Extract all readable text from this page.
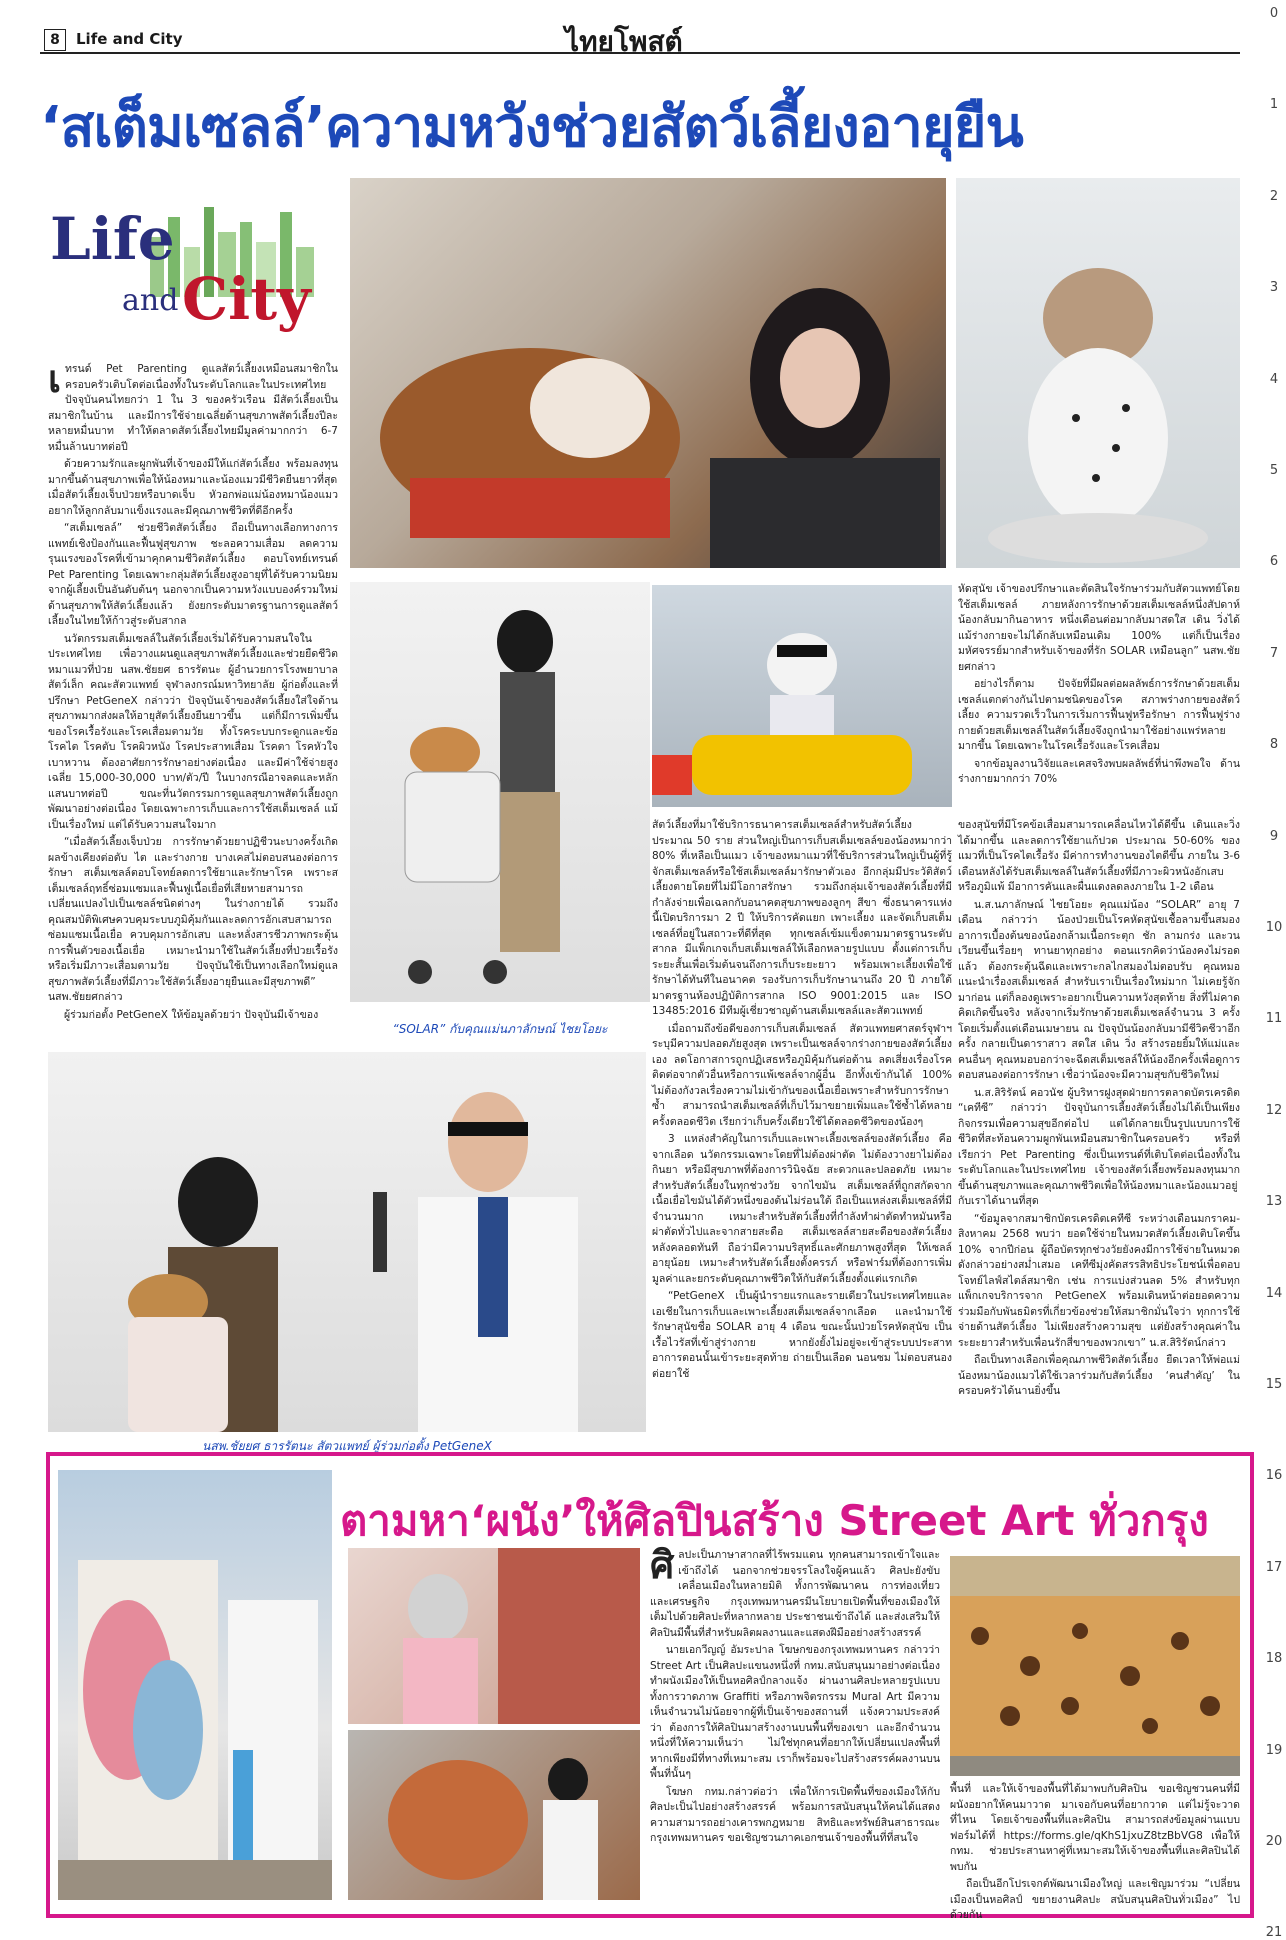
8	Life and City	ไทยโพสต์
0
1
2
3
4
5
6
7
8
9
10
11
12
13
14
15
16
17
18
19
20
21
‘สเต็มเซลล์’ความหวังช่วยสัตว์เลี้ยงอายุยืน
Life
and City
“SOLAR” กับคุณแม่นภาลักษณ์ ไชยโอยะ
นสพ.ชัยยศ ธารรัตนะ สัตวแพทย์ ผู้ร่วมก่อตั้ง PetGeneX

เทรนด์ Pet Parenting ดูแลสัตว์เลี้ยงเหมือนสมาชิกในครอบครัวเติบโตต่อเนื่องทั้งในระดับโลกและในประเทศไทย ปัจจุบันคนไทยกว่า 1 ใน 3 ของครัวเรือน มีสัตว์เลี้ยงเป็นสมาชิกในบ้าน และมีการใช้จ่ายเฉลี่ยด้านสุขภาพสัตว์เลี้ยงปีละหลายหมื่นบาท ทำให้ตลาดสัตว์เลี้ยงไทยมีมูลค่ามากกว่า 6-7 หมื่นล้านบาทต่อปี

ด้วยความรักและผูกพันที่เจ้าของมีให้แก่สัตว์เลี้ยง พร้อมลงทุนมากขึ้นด้านสุขภาพเพื่อให้น้องหมาและน้องแมวมีชีวิตยืนยาวที่สุด เมื่อสัตว์เลี้ยงเจ็บป่วยหรือบาดเจ็บ หัวอกพ่อแม่น้องหมาน้องแมวอยากให้ลูกกลับมาแข็งแรงและมีคุณภาพชีวิตที่ดีอีกครั้ง

“สเต็มเซลล์” ช่วยชีวิตสัตว์เลี้ยง ถือเป็นทางเลือกทางการแพทย์เชิงป้องกันและฟื้นฟูสุขภาพ ชะลอความเสื่อม ลดความรุนแรงของโรคที่เข้ามาคุกคามชีวิตสัตว์เลี้ยง ตอบโจทย์เทรนด์ Pet Parenting โดยเฉพาะกลุ่มสัตว์เลี้ยงสูงอายุที่ได้รับความนิยมจากผู้เลี้ยงเป็นอันดับต้นๆ นอกจากเป็นความหวังแบบองค์รวมใหม่ด้านสุขภาพให้สัตว์เลี้ยงแล้ว ยังยกระดับมาตรฐานการดูแลสัตว์เลี้ยงในไทยให้ก้าวสู่ระดับสากล

นวัตกรรมสเต็มเซลล์ในสัตว์เลี้ยงเริ่มได้รับความสนใจในประเทศไทย เพื่อวางแผนดูแลสุขภาพสัตว์เลี้ยงและช่วยยืดชีวิตหมาแมวที่ป่วย นสพ.ชัยยศ ธารรัตนะ ผู้อำนวยการโรงพยาบาลสัตว์เล็ก คณะสัตวแพทย์ จุฬาลงกรณ์มหาวิทยาลัย ผู้ก่อตั้งและที่ปรึกษา PetGeneX กล่าวว่า ปัจจุบันเจ้าของสัตว์เลี้ยงใส่ใจด้านสุขภาพมากส่งผลให้อายุสัตว์เลี้ยงยืนยาวขึ้น แต่ก็มีการเพิ่มขึ้นของโรคเรื้อรังและโรคเสื่อมตามวัย ทั้งโรคระบบกระดูกและข้อ โรคไต โรคตับ โรคผิวหนัง โรคประสาทเสื่อม โรคตา โรคหัวใจ เบาหวาน ต้องอาศัยการรักษาอย่างต่อเนื่อง และมีค่าใช้จ่ายสูง เฉลี่ย 15,000-30,000 บาท/ตัว/ปี ในบางกรณีอาจลดและหลักแสนบาทต่อปี ขณะที่นวัตกรรมการดูแลสุขภาพสัตว์เลี้ยงถูกพัฒนาอย่างต่อเนื่อง โดยเฉพาะการเก็บและการใช้สเต็มเซลล์ แม้เป็นเรื่องใหม่ แต่ได้รับความสนใจมาก

“เมื่อสัตว์เลี้ยงเจ็บป่วย การรักษาด้วยยาปฏิชีวนะบางครั้งเกิดผลข้างเคียงต่อตับ ไต และร่างกาย บางเคสไม่ตอบสนองต่อการรักษา สเต็มเซลล์ตอบโจทย์ลดการใช้ยาและรักษาโรค เพราะสเต็มเซลล์ฤทธิ์ซ่อมแซมและฟื้นฟูเนื้อเยื่อที่เสียหายสามารถเปลี่ยนแปลงไปเป็นเซลล์ชนิดต่างๆ ในร่างกายได้ รวมถึงคุณสมบัติพิเศษควบคุมระบบภูมิคุ้มกันและลดการอักเสบสามารถซ่อมแซมเนื้อเยื่อ ควบคุมการอักเสบ และหลั่งสารชีวภาพกระตุ้นการฟื้นตัวของเนื้อเยื่อ เหมาะนำมาใช้ในสัตว์เลี้ยงที่ป่วยเรื้อรังหรือเริ่มมีภาวะเสื่อมตามวัย ปัจจุบันใช้เป็นทางเลือกใหม่ดูแลสุขภาพสัตว์เลี้ยงที่มีภาวะใช้สัตว์เลี้ยงอายุยืนและมีสุขภาพดี” นสพ.ชัยยศกล่าว

ผู้ร่วมก่อตั้ง PetGeneX ให้ข้อมูลด้วยว่า ปัจจุบันมีเจ้าของ

สัตว์เลี้ยงที่มาใช้บริการธนาคารสเต็มเซลล์สำหรับสัตว์เลี้ยงประมาณ 50 ราย ส่วนใหญ่เป็นการเก็บสเต็มเซลล์ของน้องหมากว่า 80% ที่เหลือเป็นแมว เจ้าของหมาแมวที่ใช้บริการส่วนใหญ่เป็นผู้ที่รู้จักสเต็มเซลล์หรือใช้สเต็มเซลล์มารักษาตัวเอง อีกกลุ่มมีประวัติสัตว์เลี้ยงตายโดยที่ไม่มีโอกาสรักษา รวมถึงกลุ่มเจ้าของสัตว์เลี้ยงที่มีกำลังจ่ายเพื่อเฉลกกับอนาคตสุขภาพของลูกๆ สีขา ซึ่งธนาคารแห่งนี้เปิดบริการมา 2 ปี ให้บริการคัดแยก เพาะเลี้ยง และจัดเก็บสเต็มเซลล์ที่อยู่ในสถาวะที่ดีที่สุด ทุกเซลล์เข้มแข็งตามมาตรฐานระดับสากล มีแพ็กเกจเก็บสเต็มเซลล์ให้เลือกหลายรูปแบบ ตั้งแต่การเก็บระยะสั้นเพื่อเริ่มต้นจนถึงการเก็บระยะยาว พร้อมเพาะเลี้ยงเพื่อใช้รักษาได้ทันทีในอนาคต รองรับการเก็บรักษานานถึง 20 ปี ภายใต้มาตรฐานห้องปฏิบัติการสากล ISO 9001:2015 และ ISO 13485:2016 มีทีมผู้เชี่ยวชาญด้านสเต็มเซลล์และสัตวแพทย์

เมื่อถามถึงข้อดีของการเก็บสเต็มเซลล์ สัตวแพทยศาสตร์จุฬาฯ ระบุมีความปลอดภัยสูงสุด เพราะเป็นเซลล์จากร่างกายของสัตว์เลี้ยงเอง ลดโอกาสการถูกปฏิเสธหรือภูมิคุ้มกันต่อต้าน ลดเสี่ยงเรื่องโรคติดต่อจากตัวอื่นหรือการแพ้เซลล์จากผู้อื่น อีกทั้งเข้ากันได้ 100% ไม่ต้องกังวลเรื่องความไม่เข้ากันของเนื้อเยื่อเพราะสำหรับการรักษาซ้ำ สามารถนำสเต็มเซลล์ที่เก็บไว้มาขยายเพิ่มและใช้ซ้ำได้หลายครั้งตลอดชีวิต เรียกว่าเก็บครั้งเดียวใช้ได้ตลอดชีวิตของน้องๆ

3 แหล่งสำคัญในการเก็บและเพาะเลี้ยงเซลล์ของสัตว์เลี้ยง คือ จากเลือด นวัตกรรมเฉพาะโดยที่ไม่ต้องผ่าตัด ไม่ต้องวางยาไม่ต้องกินยา หรือมีสุขภาพที่ต้องการวินิจฉัย สะดวกและปลอดภัย เหมาะสำหรับสัตว์เลี้ยงในทุกช่วงวัย จากไขมัน สเต็มเซลล์ที่ถูกสกัดจากเนื้อเยื่อไขมันได้ตัวหนึ่งของต้นไม่ร่อนใต้ ถือเป็นแหล่งสเต็มเซลล์ที่มีจำนวนมาก เหมาะสำหรับสัตว์เลี้ยงที่กำลังทำผ่าตัดทำหมันหรือผ่าตัดทั่วไปและจากสายสะดือ สเต็มเซลล์สายสะดือของสัตว์เลี้ยงหลังคลอดทันที ถือว่ามีความบริสุทธิ์และศักยภาพสูงที่สุด ให้เซลล์อายุน้อย เหมาะสำหรับสัตว์เลี้ยงตั้งครรภ์ หรือฟาร์มที่ต้องการเพิ่มมูลค่าและยกระดับคุณภาพชีวิตให้กับสัตว์เลี้ยงตั้งแต่แรกเกิด

“PetGeneX เป็นผู้นำรายแรกและรายเดียวในประเทศไทยและเอเชียในการเก็บและเพาะเลี้ยงสเต็มเซลล์จากเลือด และนำมาใช้รักษาสุนัขชื่อ SOLAR อายุ 4 เดือน ขณะนั้นป่วยโรคหัดสุนัข เป็นเรื้อไวรัสที่เข้าสู่ร่างกาย หากยังยั้งไม่อยู่จะเข้าสู่ระบบประสาท อาการตอนนั้นเข้าระยะสุดท้าย ถ่ายเป็นเลือด นอนซม ไม่ตอบสนองต่อยาใช้

หัดสุนัข เจ้าของปรึกษาและตัดสินใจรักษาร่วมกับสัตวแพทย์โดยใช้สเต็มเซลล์ ภายหลังการรักษาด้วยสเต็มเซลล์หนึ่งสัปดาห์ น้องกลับมากินอาหาร หนึ่งเดือนต่อมากลับมาสดใส เดิน วิ่งได้ แม้ร่างกายจะไม่ได้กลับเหมือนเดิม 100% แต่ก็เป็นเรื่องมหัศจรรย์มากสำหรับเจ้าของที่รัก SOLAR เหมือนลูก” นสพ.ชัยยศกล่าว

อย่างไรก็ตาม ปัจจัยที่มีผลต่อผลลัพธ์การรักษาด้วยสเต็มเซลล์แตกต่างกันไปตามชนิดของโรค สภาพร่างกายของสัตว์เลี้ยง ความรวดเร็วในการเริ่มการฟื้นฟูหรือรักษา การฟื้นฟูร่างกายด้วยสเต็มเซลล์ในสัตว์เลี้ยงจึงถูกนำมาใช้อย่างแพร่หลายมากขึ้น โดยเฉพาะในโรคเรื้อรังและโรคเสื่อม

จากข้อมูลงานวิจัยและเคสจริงพบผลลัพธ์ที่น่าพึงพอใจ ด้านร่างกายมากกว่า 70%

ของสุนัขที่มีโรคข้อเสื่อมสามารถเคลื่อนไหวได้ดีขึ้น เดินและวิ่งได้มากขึ้น และลดการใช้ยาแก้ปวด ประมาณ 50-60% ของแมวที่เป็นโรคไตเรื้อรัง มีค่าการทำงานของไตดีขึ้น ภายใน 3-6 เดือนหลังได้รับสเต็มเซลล์ในสัตว์เลี้ยงที่มีภาวะผิวหนังอักเสบหรือภูมิแพ้ มีอาการคันและผื่นแดงลดลงภายใน 1-2 เดือน

น.ส.นภาลักษณ์ ไชยโอยะ คุณแม่น้อง “SOLAR” อายุ 7 เดือน กล่าวว่า น้องป่วยเป็นโรคหัดสุนัขเชื้อลามขึ้นสมอง อาการเบื้องต้นของน้องกล้ามเนื้อกระตุก ชัก ลามกร่ง และวนเวียนขึ้นเรื่อยๆ ทานยาทุกอย่าง ตอนแรกคิดว่าน้องคงไม่รอดแล้ว ต้องกระตุ้นฉีดและเพราะกลไกสมองไม่ตอบรับ คุณหมอแนะนำเรื่องสเต็มเซลล์ สำหรับเราเป็นเรื่องใหม่มาก ไม่เคยรู้จักมาก่อน แต่ก็ลองดูเพราะอยากเป็นความหวังสุดท้าย สิ่งที่ไม่คาดคิดเกิดขึ้นจริง หลังจากเริ่มรักษาด้วยสเต็มเซลล์จำนวน 3 ครั้ง โดยเริ่มตั้งแต่เดือนเมษายน ณ ปัจจุบันน้องกลับมามีชีวิตชีวาอีกครั้ง กลายเป็นดาราสาว สดใส เดิน วิ่ง สร้างรอยยิ้มให้แม่และคนอื่นๆ คุณหมอบอกว่าจะฉีดสเต็มเซลล์ให้น้องอีกครั้งเพื่อดูการตอบสนองต่อการรักษา เชื่อว่าน้องจะมีความสุขกับชีวิตใหม่

น.ส.สิริรัตน์ คอวนัช ผู้บริหารฝูงสุดฝ่ายการตลาดบัตรเครดิต “เคทีซี” กล่าวว่า ปัจจุบันการเลี้ยงสัตว์เลี้ยงไม่ได้เป็นเพียงกิจกรรมเพื่อความสุขอีกต่อไป แต่ได้กลายเป็นรูปแบบการใช้ชีวิตที่สะท้อนความผูกพันเหมือนสมาชิกในครอบครัว หรือที่เรียกว่า Pet Parenting ซึ่งเป็นเทรนด์ที่เติบโตต่อเนื่องทั้งในระดับโลกและในประเทศไทย เจ้าของสัตว์เลี้ยงพร้อมลงทุนมากขึ้นด้านสุขภาพและคุณภาพชีวิตเพื่อให้น้องหมาและน้องแมวอยู่กับเราได้นานที่สุด

“ข้อมูลจากสมาชิกบัตรเครดิตเคทีซี ระหว่างเดือนมกราคม-สิงหาคม 2568 พบว่า ยอดใช้จ่ายในหมวดสัตว์เลี้ยงเติบโตขึ้น 10% จากปีก่อน ผู้ถือบัตรทุกช่วงวัยยังคงมีการใช้จ่ายในหมวดดังกล่าวอย่างสม่ำเสมอ เคทีซีมุ่งคัดสรรสิทธิประโยชน์เพื่อตอบโจทย์ไลฟ์สไตล์สมาชิก เช่น การแบ่งส่วนลด 5% สำหรับทุกแพ็กเกจบริการจาก PetGeneX พร้อมเดินหน้าต่อยอดความร่วมมือกับพันธมิตรที่เกี่ยวข้องช่วยให้สมาชิกมั่นใจว่า ทุกการใช้จ่ายด้านสัตว์เลี้ยง ไม่เพียงสร้างความสุข แต่ยังสร้างคุณค่าในระยะยาวสำหรับเพื่อนรักสี่ขาของพวกเขา” น.ส.สิริรัตน์กล่าว

ถือเป็นทางเลือกเพื่อคุณภาพชีวิตสัตว์เลี้ยง ยืดเวลาให้พ่อแม่น้องหมาน้องแมวได้ใช้เวลาร่วมกับสัตว์เลี้ยง ‘คนสำคัญ’ ในครอบครัวได้นานยิ่งขึ้น

ตามหา‘ผนัง’ให้ศิลปินสร้าง Street Art ทั่วกรุง

ศิลปะเป็นภาษาสากลที่ไร้พรมแดน ทุกคนสามารถเข้าใจและเข้าถึงได้ นอกจากช่วยจรรโลงใจผู้คนแล้ว ศิลปะยังขับเคลื่อนเมืองในหลายมิติ ทั้งการพัฒนาคน การท่องเที่ยว และเศรษฐกิจ กรุงเทพมหานครมีนโยบายเปิดพื้นที่ของเมืองให้เต็มไปด้วยศิลปะที่หลากหลาย ประชาชนเข้าถึงได้ และส่งเสริมให้ศิลปินมีพื้นที่สำหรับผลิตผลงานและแสดงฝีมืออย่างสร้างสรรค์

นายเอกวีญญ์ อัมระปาล โฆษกของกรุงเทพมหานคร กล่าวว่า Street Art เป็นศิลปะแขนงหนึ่งที่ กทม.สนับสนุนมาอย่างต่อเนื่อง ทำผนังเมืองให้เป็นหอศิลป์กลางแจ้ง ผ่านงานศิลปะหลายรูปแบบ ทั้งการวาดภาพ Graffiti หรือภาพจิตรกรรม Mural Art มีความเห็นจำนวนไม่น้อยจากผู้ที่เป็นเจ้าของสถานที่ แจ้งความประสงค์ว่า ต้องการให้ศิลปินมาสร้างงานบนพื้นที่ของเขา และอีกจำนวนหนึ่งที่ให้ความเห็นว่า ไม่ใช่ทุกคนที่อยากให้เปลี่ยนแปลงพื้นที่ หากเพียงมีที่ทางที่เหมาะสม เราก็พร้อมจะไปสร้างสรรค์ผลงานบนพื้นที่นั้นๆ

โฆษก กทม.กล่าวต่อว่า เพื่อให้การเปิดพื้นที่ของเมืองให้กับศิลปะเป็นไปอย่างสร้างสรรค์ พร้อมการสนับสนุนให้คนได้แสดงความสามารถอย่างเคารพกฎหมาย สิทธิและทรัพย์สินสาธารณะ กรุงเทพมหานคร ขอเชิญชวนภาคเอกชนเจ้าของพื้นที่ที่สนใจ

พื้นที่ และให้เจ้าของพื้นที่ได้มาพบกับศิลปิน ขอเชิญชวนคนที่มีผนังอยากให้คนมาวาด มาเจอกับคนที่อยากวาด แต่ไม่รู้จะวาดที่ไหน โดยเจ้าของพื้นที่และศิลปิน สามารถส่งข้อมูลผ่านแบบฟอร์มได้ที่ https://forms.gle/qKhS1jxuZ8tzBbVG8 เพื่อให้ กทม. ช่วยประสานหาคู่ที่เหมาะสมให้เจ้าของพื้นที่และศิลปินได้พบกัน

ถือเป็นอีกโปรเจกต์พัฒนาเมืองใหญ่ และเชิญมาร่วม “เปลี่ยนเมืองเป็นหอศิลป์ ขยายงานศิลปะ สนับสนุนศิลปินทั่วเมือง” ไปด้วยกัน
